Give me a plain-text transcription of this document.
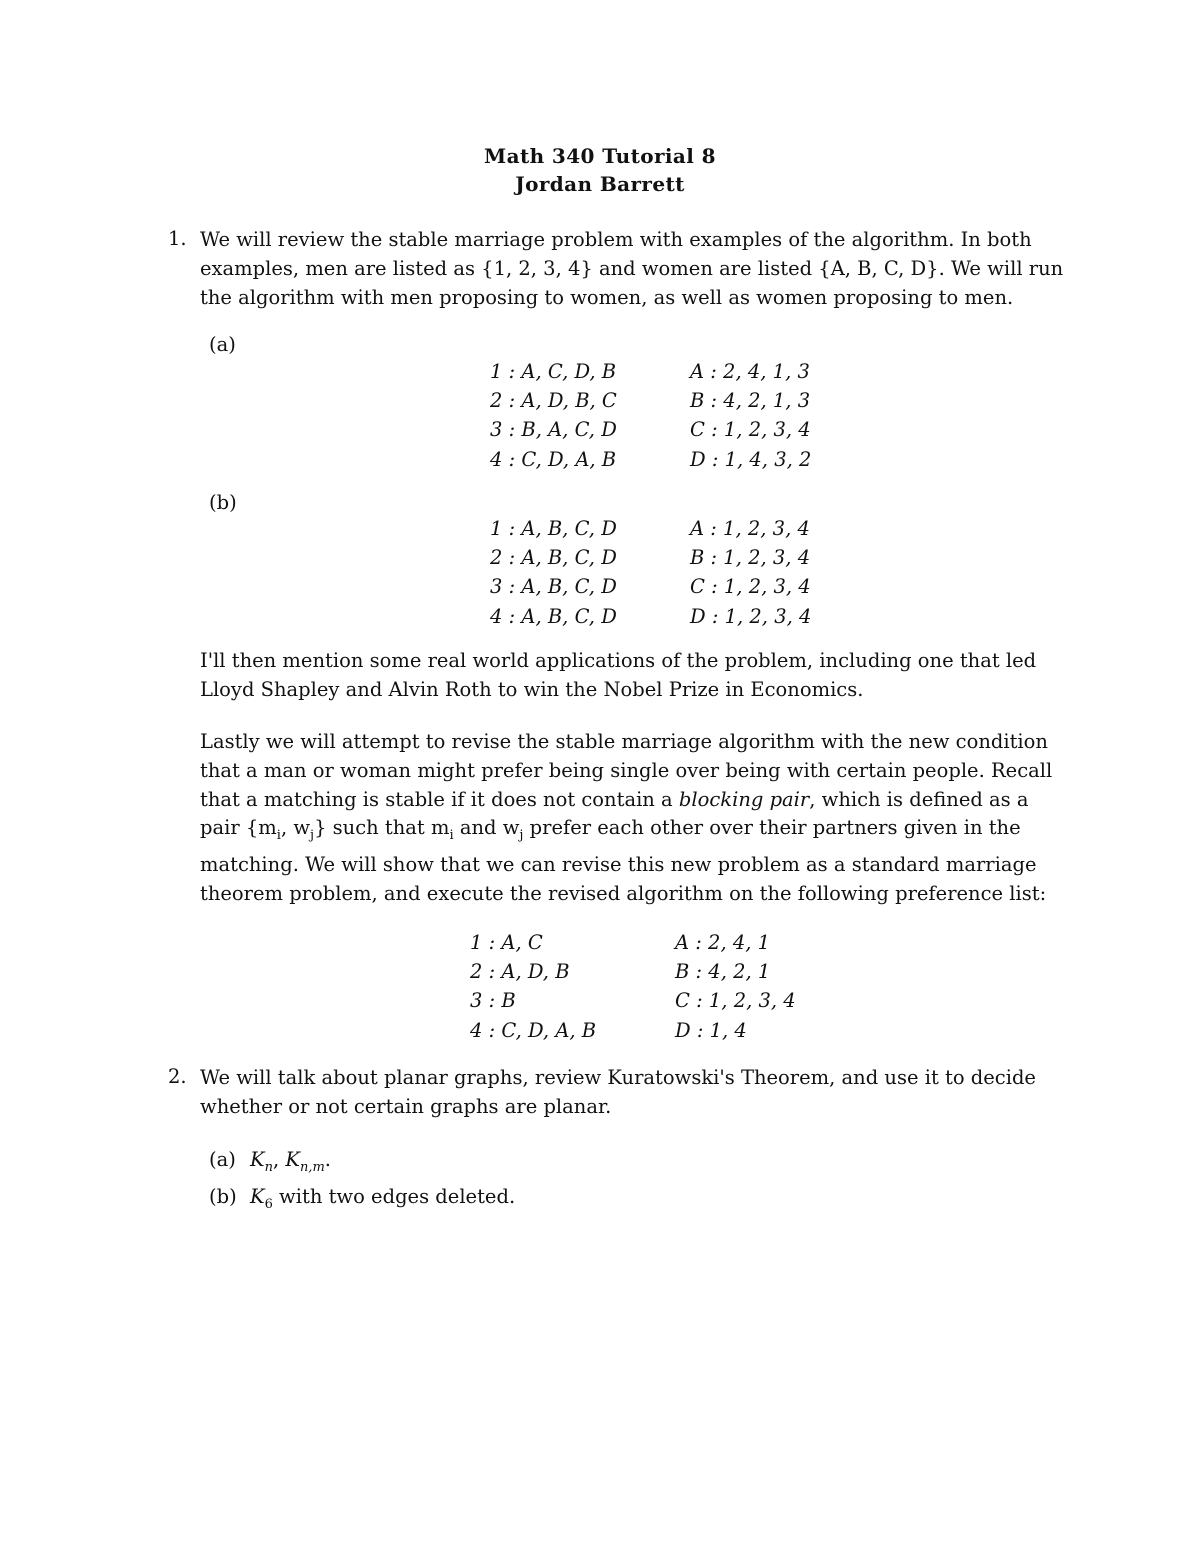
Math 340 Tutorial 8
Jordan Barrett
1. We will review the stable marriage problem with examples of the algorithm. In both
examples, men are listed as {1, 2, 3, 4} and women are listed {A, B, C, D}. We will run
the algorithm with men proposing to women, as well as women proposing to men.
(a)
1 : A, C, D, B	A : 2, 4, 1, 3
2 : A, D, B, C	B : 4, 2, 1, 3
3 : B, A, C, D	C : 1, 2, 3, 4
4 : C, D, A, B	D : 1, 4, 3, 2
(b)
1 : A, B, C, D	A : 1, 2, 3, 4
2 : A, B, C, D	B : 1, 2, 3, 4
3 : A, B, C, D	C : 1, 2, 3, 4
4 : A, B, C, D	D : 1, 2, 3, 4
I'll then mention some real world applications of the problem, including one that led
Lloyd Shapley and Alvin Roth to win the Nobel Prize in Economics.
Lastly we will attempt to revise the stable marriage algorithm with the new condition
that a man or woman might prefer being single over being with certain people. Recall
that a matching is stable if it does not contain a blocking pair, which is defined as a
pair {$m_i$, $w_j$} such that $m_i$ and $w_j$ prefer each other over their partners given in the
matching. We will show that we can revise this new problem as a standard marriage
theorem problem, and execute the revised algorithm on the following preference list:
1 : A, C	A : 2, 4, 1
2 : A, D, B	B : 4, 2, 1
3 : B	C : 1, 2, 3, 4
4 : C, D, A, B	D : 1, 4
2. We will talk about planar graphs, review Kuratowski's Theorem, and use it to decide
whether or not certain graphs are planar.
(a) $K_n$, $K_{n,m}$.
(b) $K_6$ with two edges deleted.
